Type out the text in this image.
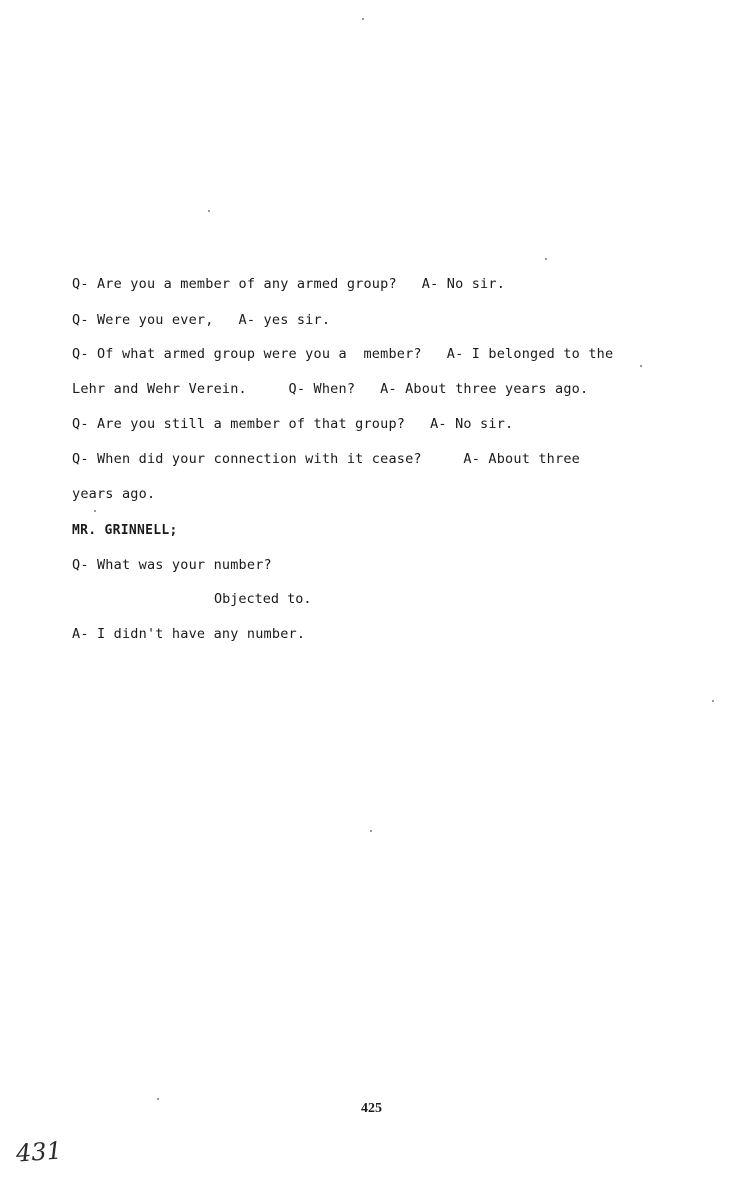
Q- Are you a member of any armed group?   A- No sir.
Q- Were you ever,   A- yes sir.
Q- Of what armed group were you a  member?   A- I belonged to the
Lehr and Wehr Verein.     Q- When?   A- About three years ago.
Q- Are you still a member of that group?   A- No sir.
Q- When did your connection with it cease?     A- About three
years ago.
MR. GRINNELL;
Q- What was your number?
Objected to.
A- I didn't have any number.
425
431
